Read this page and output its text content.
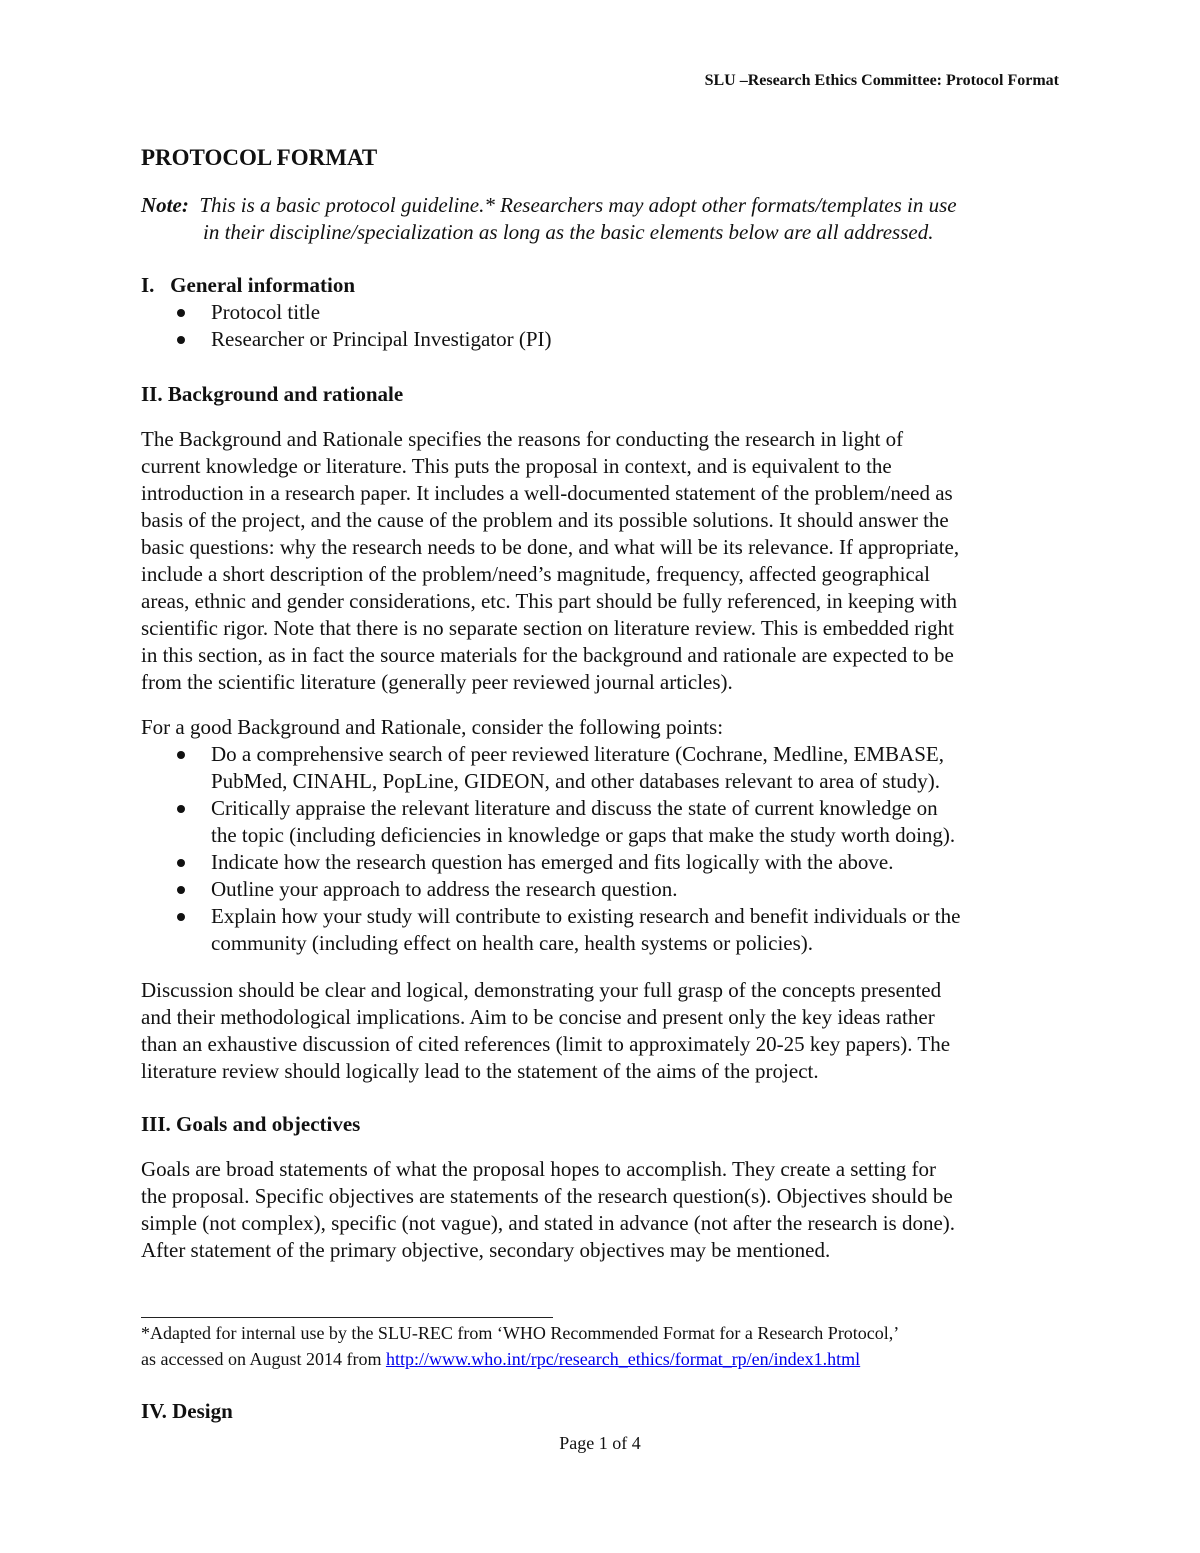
SLU –Research Ethics Committee: Protocol Format
PROTOCOL FORMAT
Note: This is a basic protocol guideline.* Researchers may adopt other formats/templates in use
in their discipline/specialization as long as the basic elements below are all addressed.
I.   General information
Protocol title
Researcher or Principal Investigator (PI)
II. Background and rationale
The Background and Rationale specifies the reasons for conducting the research in light of
current knowledge or literature. This puts the proposal in context, and is equivalent to the
introduction in a research paper. It includes a well-documented statement of the problem/need as
basis of the project, and the cause of the problem and its possible solutions. It should answer the
basic questions: why the research needs to be done, and what will be its relevance. If appropriate,
include a short description of the problem/need’s magnitude, frequency, affected geographical
areas, ethnic and gender considerations, etc. This part should be fully referenced, in keeping with
scientific rigor. Note that there is no separate section on literature review. This is embedded right
in this section, as in fact the source materials for the background and rationale are expected to be
from the scientific literature (generally peer reviewed journal articles).
For a good Background and Rationale, consider the following points:
Do a comprehensive search of peer reviewed literature (Cochrane, Medline, EMBASE,
PubMed, CINAHL, PopLine, GIDEON, and other databases relevant to area of study).
Critically appraise the relevant literature and discuss the state of current knowledge on
the topic (including deficiencies in knowledge or gaps that make the study worth doing).
Indicate how the research question has emerged and fits logically with the above.
Outline your approach to address the research question.
Explain how your study will contribute to existing research and benefit individuals or the
community (including effect on health care, health systems or policies).
Discussion should be clear and logical, demonstrating your full grasp of the concepts presented
and their methodological implications. Aim to be concise and present only the key ideas rather
than an exhaustive discussion of cited references (limit to approximately 20-25 key papers). The
literature review should logically lead to the statement of the aims of the project.
III. Goals and objectives
Goals are broad statements of what the proposal hopes to accomplish. They create a setting for
the proposal. Specific objectives are statements of the research question(s). Objectives should be
simple (not complex), specific (not vague), and stated in advance (not after the research is done).
After statement of the primary objective, secondary objectives may be mentioned.
*Adapted for internal use by the SLU-REC from ‘WHO Recommended Format for a Research Protocol,’
as accessed on August 2014 from http://www.who.int/rpc/research_ethics/format_rp/en/index1.html
IV. Design
Page 1 of 4
